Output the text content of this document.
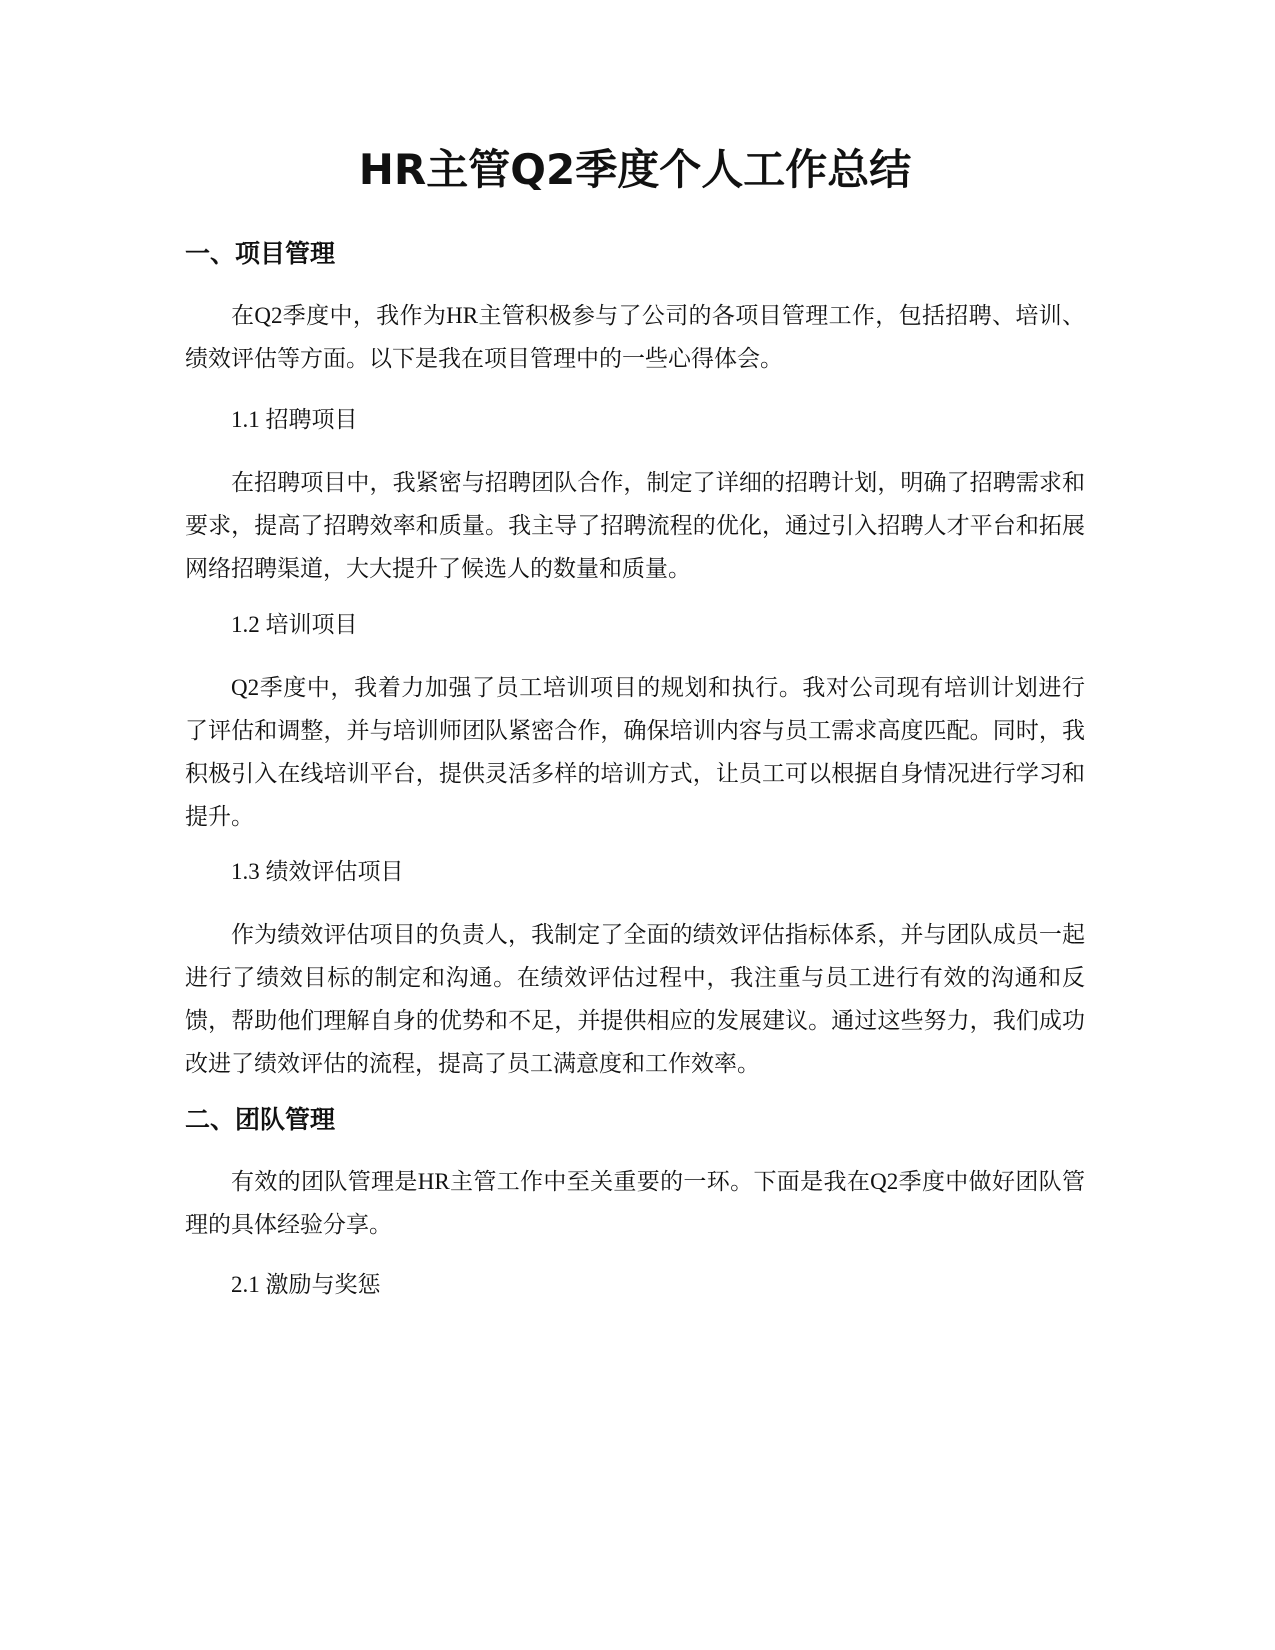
HR主管Q2季度个人工作总结
一、项目管理

在Q2季度中，我作为HR主管积极参与了公司的各项目管理工作，包括招聘、培训、绩效评估等方面。以下是我在项目管理中的一些心得体会。

1.1 招聘项目

在招聘项目中，我紧密与招聘团队合作，制定了详细的招聘计划，明确了招聘需求和要求，提高了招聘效率和质量。我主导了招聘流程的优化，通过引入招聘人才平台和拓展网络招聘渠道，大大提升了候选人的数量和质量。

1.2 培训项目

Q2季度中，我着力加强了员工培训项目的规划和执行。我对公司现有培训计划进行了评估和调整，并与培训师团队紧密合作，确保培训内容与员工需求高度匹配。同时，我积极引入在线培训平台，提供灵活多样的培训方式，让员工可以根据自身情况进行学习和提升。

1.3 绩效评估项目

作为绩效评估项目的负责人，我制定了全面的绩效评估指标体系，并与团队成员一起进行了绩效目标的制定和沟通。在绩效评估过程中，我注重与员工进行有效的沟通和反馈，帮助他们理解自身的优势和不足，并提供相应的发展建议。通过这些努力，我们成功改进了绩效评估的流程，提高了员工满意度和工作效率。

二、团队管理

有效的团队管理是HR主管工作中至关重要的一环。下面是我在Q2季度中做好团队管理的具体经验分享。

2.1 激励与奖惩
